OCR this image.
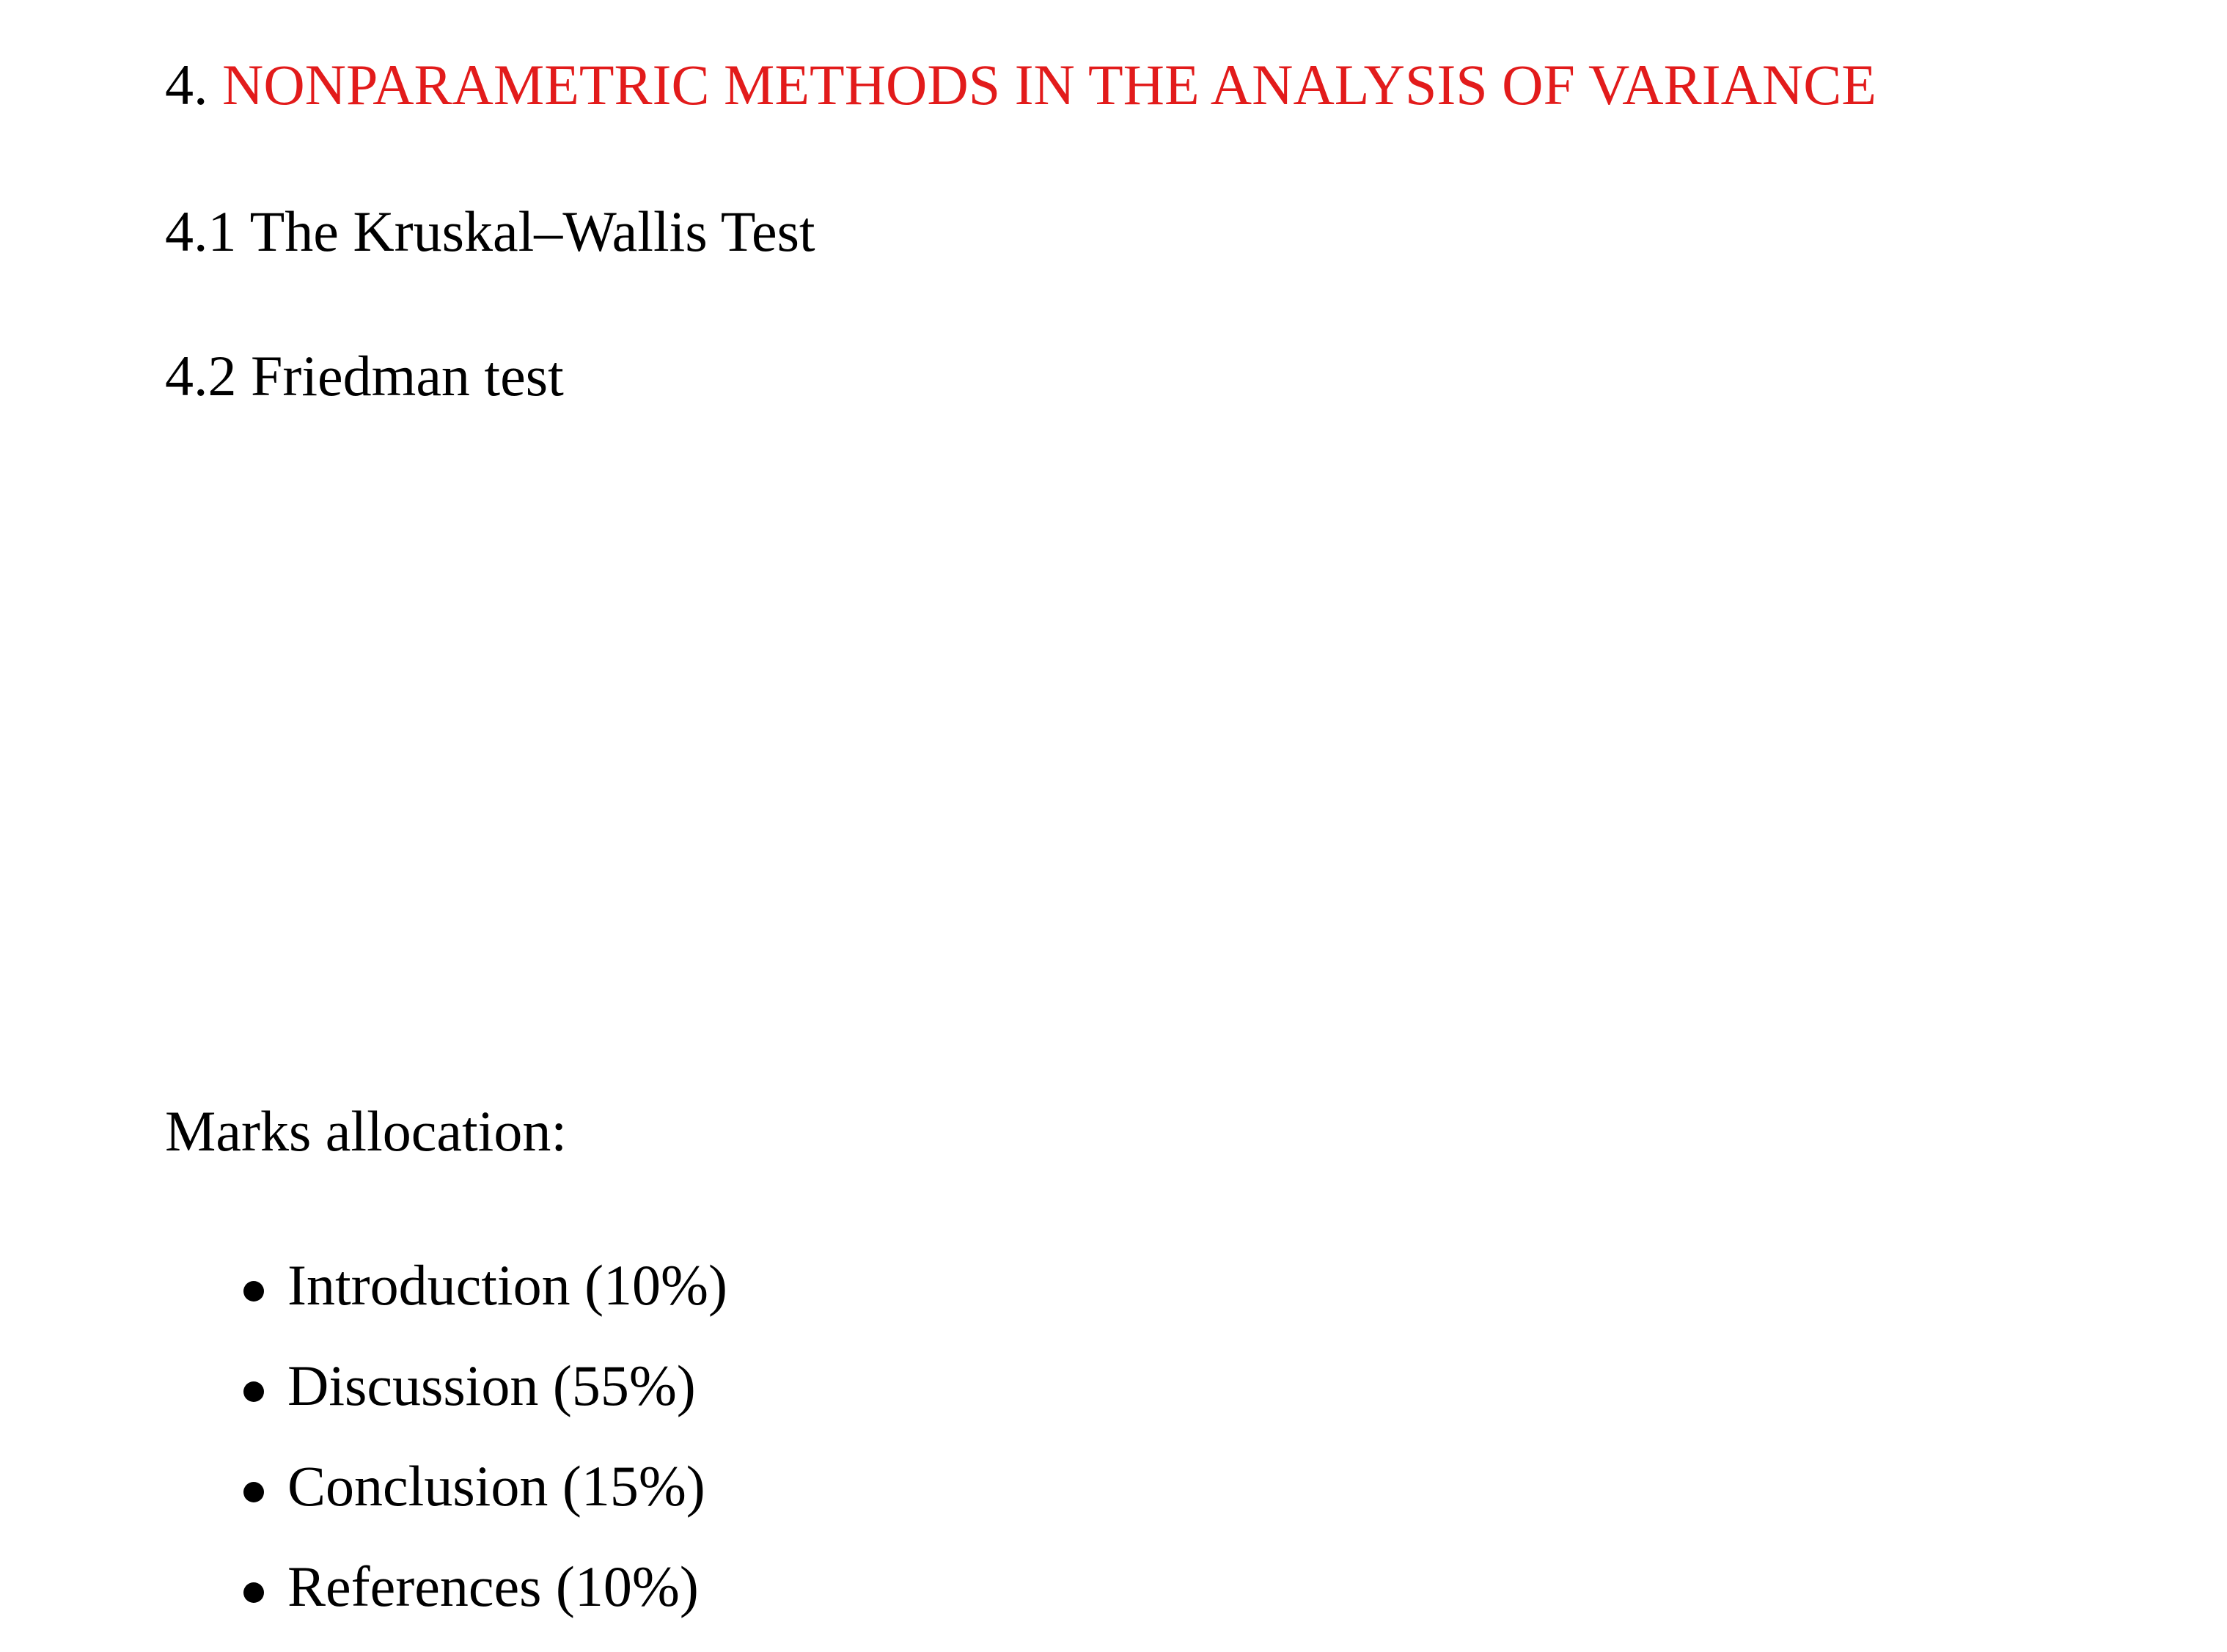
4. NONPARAMETRIC METHODS IN THE ANALYSIS OF VARIANCE
4.1 The Kruskal–Wallis Test
4.2 Friedman test
Marks allocation:
Introduction (10%)
Discussion (55%)
Conclusion (15%)
References (10%)
